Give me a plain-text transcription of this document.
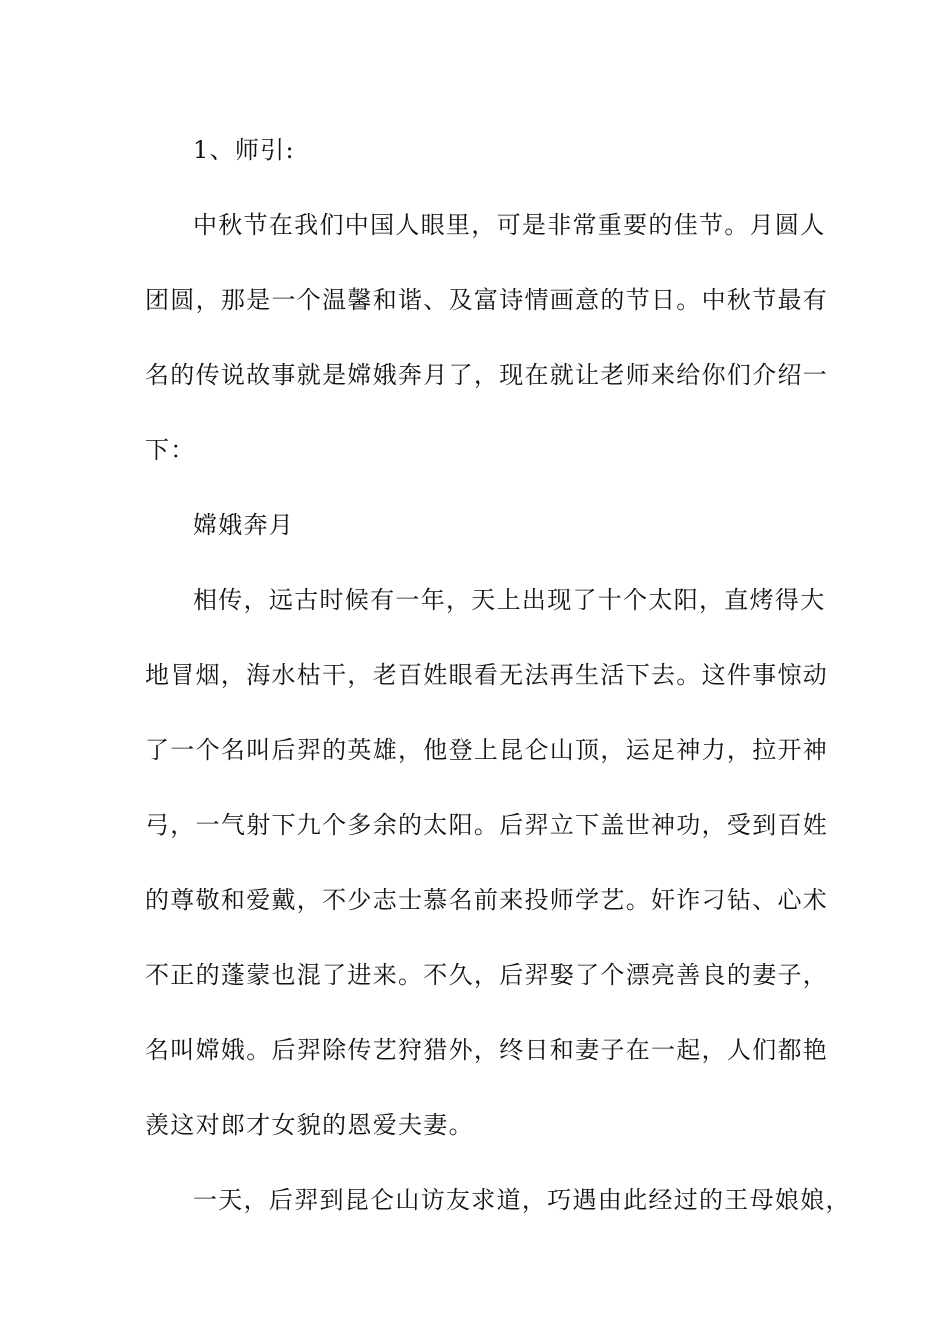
1、师引:
中秋节在我们中国人眼里，可是非常重要的佳节。月圆人
团圆，那是一个温馨和谐、及富诗情画意的节日。中秋节最有
名的传说故事就是嫦娥奔月了，现在就让老师来给你们介绍一
下：
嫦娥奔月
相传，远古时候有一年，天上出现了十个太阳，直烤得大
地冒烟，海水枯干，老百姓眼看无法再生活下去。这件事惊动
了一个名叫后羿的英雄，他登上昆仑山顶，运足神力，拉开神
弓，一气射下九个多余的太阳。后羿立下盖世神功，受到百姓
的尊敬和爱戴，不少志士慕名前来投师学艺。奸诈刁钻、心术
不正的蓬蒙也混了进来。不久，后羿娶了个漂亮善良的妻子，
名叫嫦娥。后羿除传艺狩猎外，终日和妻子在一起，人们都艳
羡这对郎才女貌的恩爱夫妻。
一天，后羿到昆仑山访友求道，巧遇由此经过的王母娘娘，
